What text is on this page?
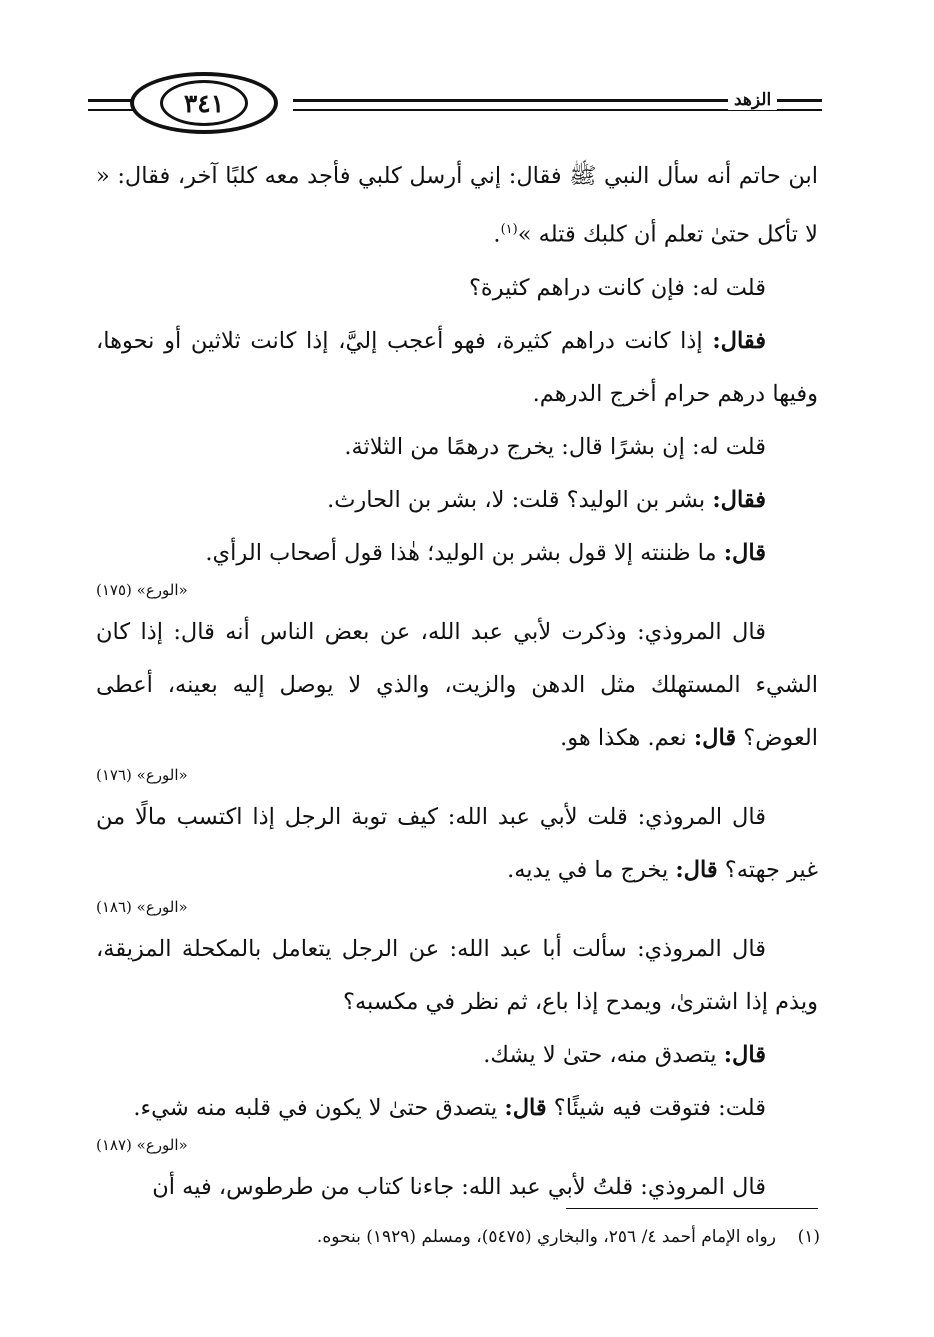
٣٤١	الزهد

ابن حاتم أنه سأل النبي ﷺ فقال: إني أرسل كلبي فأجد معه كلبًا آخر، فقال: « لا تأكل حتىٰ تعلم أن كلبك قتله »$^{(١)}$.

قلت له: فإن كانت دراهم كثيرة؟

فقال: إذا كانت دراهم كثيرة، فهو أعجب إليَّ، إذا كانت ثلاثين أو نحوها، وفيها درهم حرام أخرج الدرهم.

قلت له: إن بشرًا قال: يخرج درهمًا من الثلاثة.

فقال: بشر بن الوليد؟ قلت: لا، بشر بن الحارث.

قال: ما ظننته إلا قول بشر بن الوليد؛ هٰذا قول أصحاب الرأي.

«الورع» (١٧٥)

قال المروذي: وذكرت لأبي عبد الله، عن بعض الناس أنه قال: إذا كان الشيء المستهلك مثل الدهن والزيت، والذي لا يوصل إليه بعينه، أعطى العوض؟ قال: نعم. هكذا هو.

«الورع» (١٧٦)

قال المروذي: قلت لأبي عبد الله: كيف توبة الرجل إذا اكتسب مالًا من غير جهته؟ قال: يخرج ما في يديه.

«الورع» (١٨٦)

قال المروذي: سألت أبا عبد الله: عن الرجل يتعامل بالمكحلة المزيقة، ويذم إذا اشترىٰ، ويمدح إذا باع، ثم نظر في مكسبه؟

قال: يتصدق منه، حتىٰ لا يشك.

قلت: فتوقت فيه شيئًا؟ قال: يتصدق حتىٰ لا يكون في قلبه منه شيء.

«الورع» (١٨٧)

قال المروذي: قلتُ لأبي عبد الله: جاءنا كتاب من طرطوس، فيه أن

(١)    رواه الإمام أحمد ٤/ ٢٥٦، والبخاري (٥٤٧٥)، ومسلم (١٩٢٩) بنحوه.
